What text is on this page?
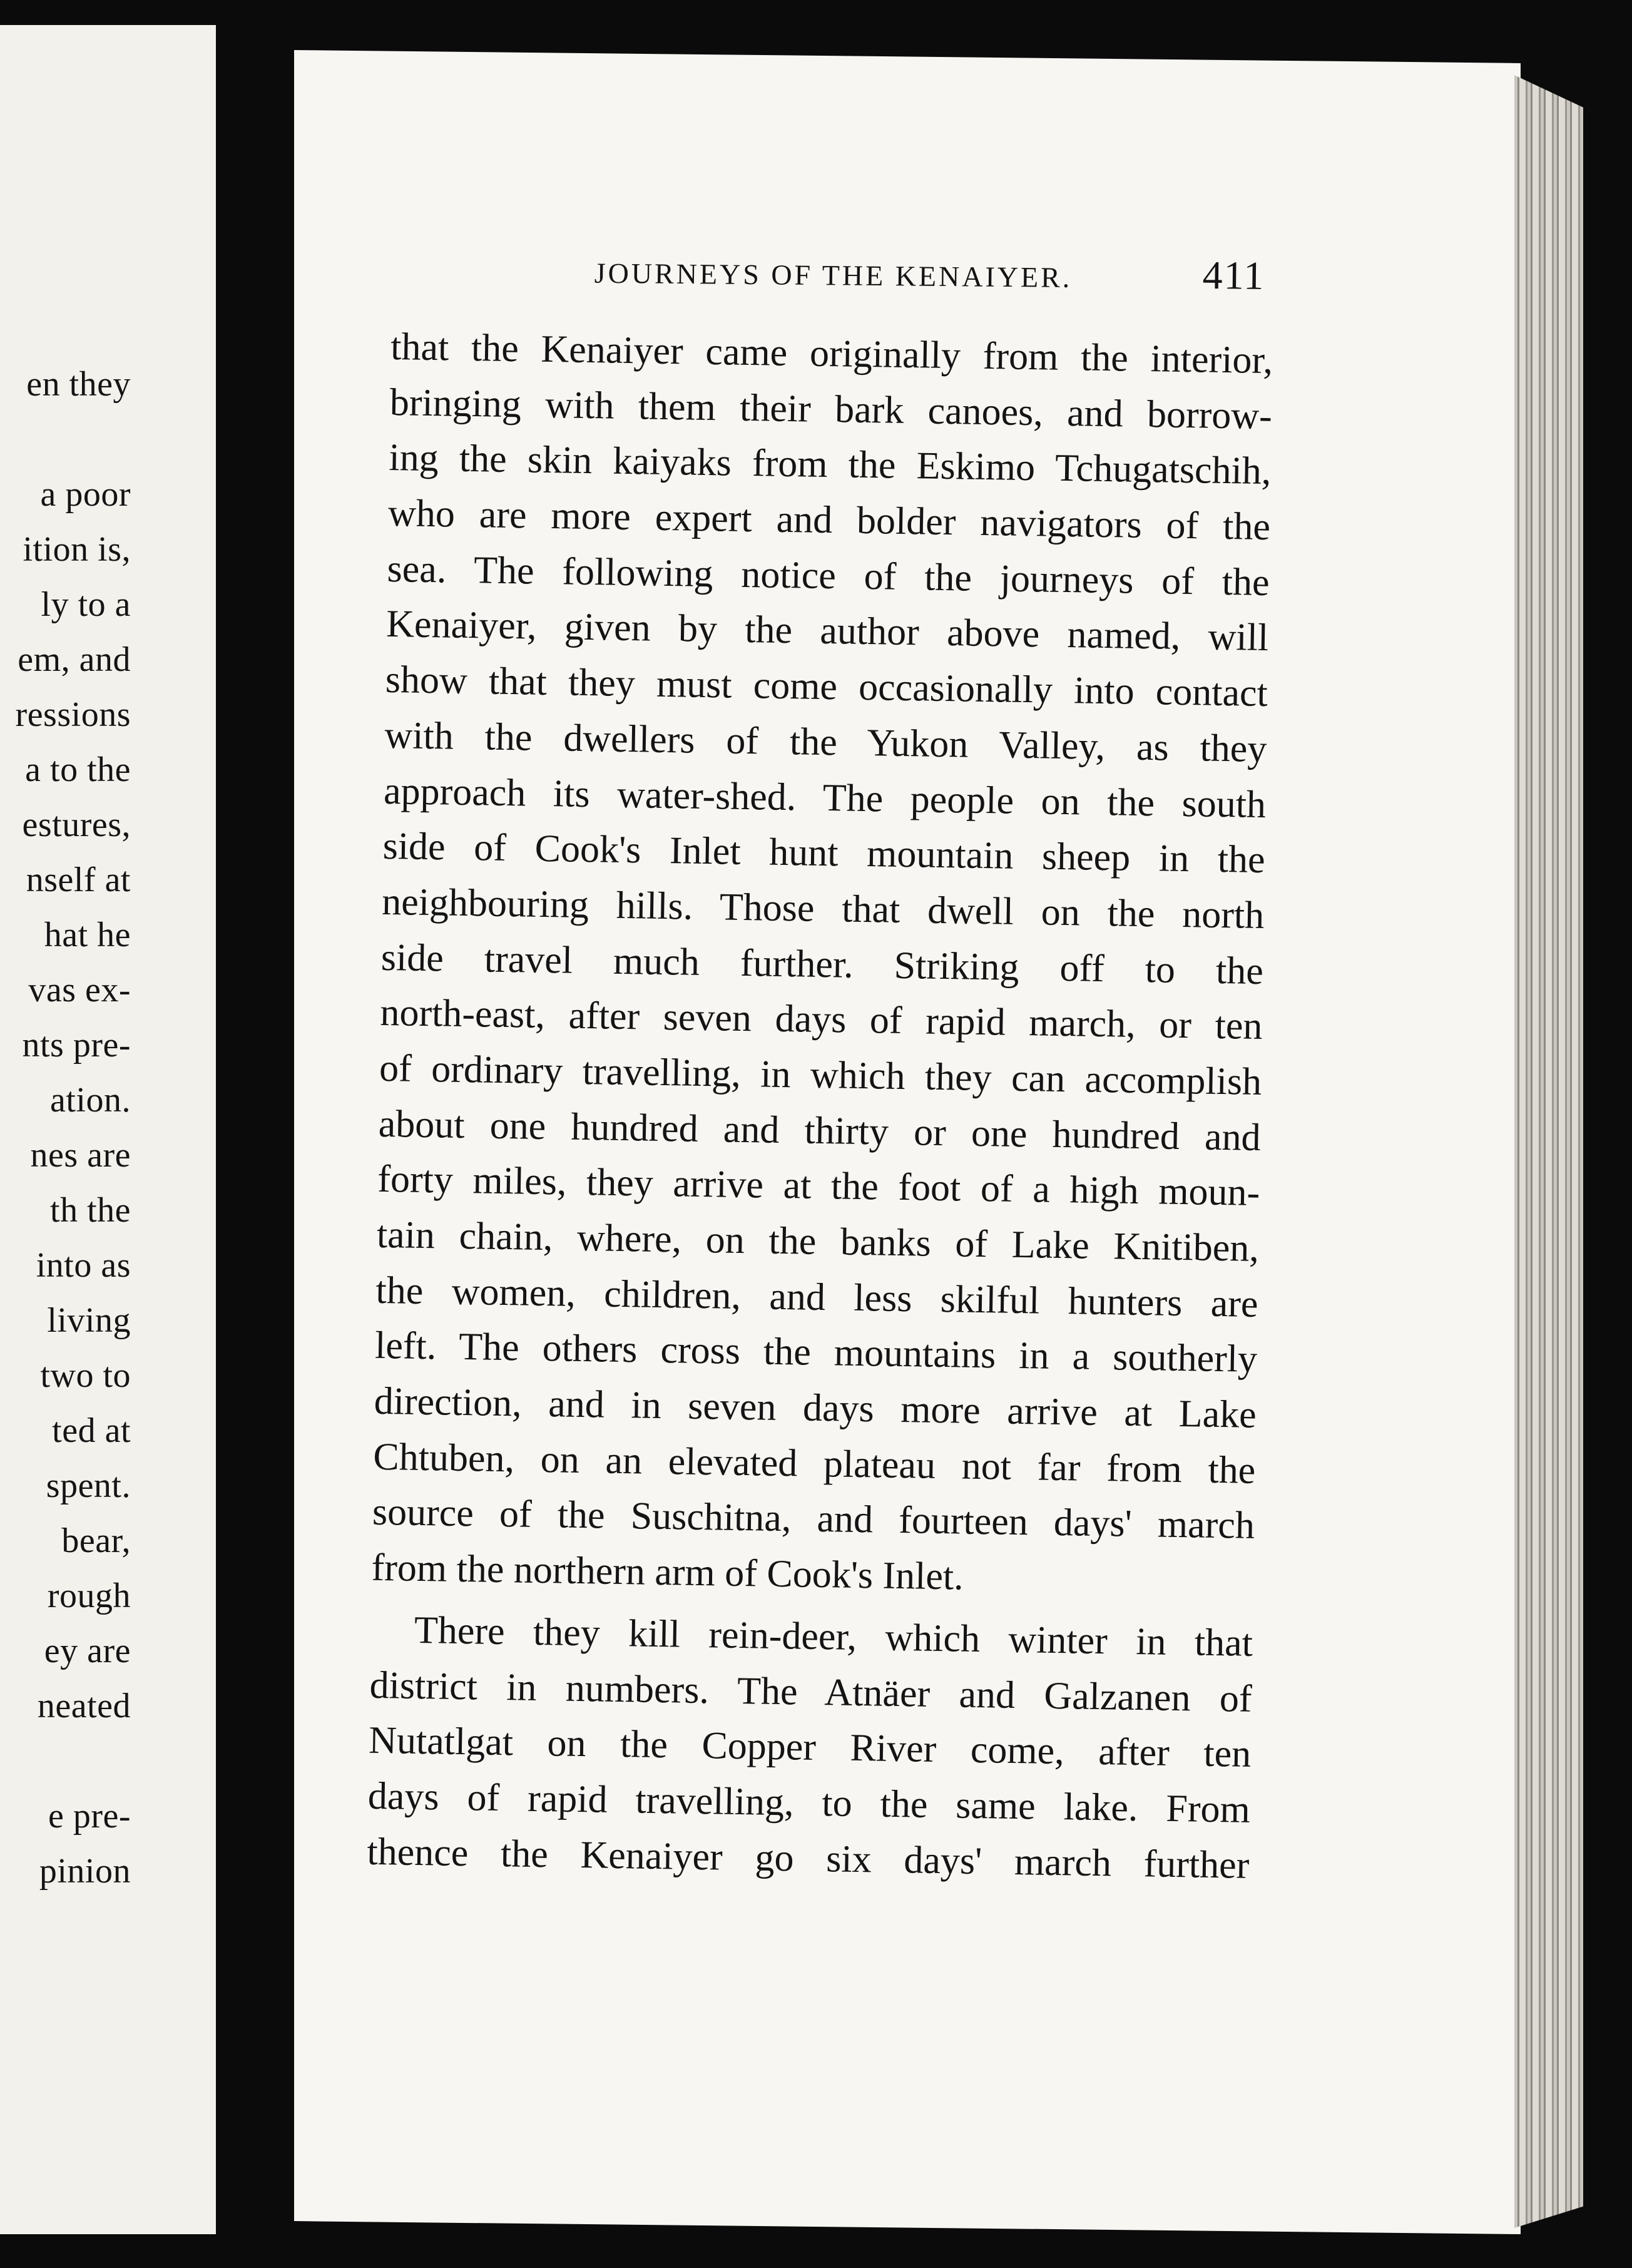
en they
a poor
ition is,
ly to a
em, and
ressions
a to the
estures,
nself at
hat he
vas ex-
nts pre-
ation.
nes are
th the
into as
living
two to
ted at
spent.
bear,
rough
ey are
neated
e pre-
pinion
JOURNEYS OF THE KENAIYER.	411
that the Kenaiyer came originally from the interior,
bringing with them their bark canoes, and borrow-
ing the skin kaiyaks from the Eskimo Tchugatschih,
who are more expert and bolder navigators of the
sea. The following notice of the journeys of the
Kenaiyer, given by the author above named, will
show that they must come occasionally into contact
with the dwellers of the Yukon Valley, as they
approach its water-shed. The people on the south
side of Cook's Inlet hunt mountain sheep in the
neighbouring hills. Those that dwell on the north
side travel much further. Striking off to the
north-east, after seven days of rapid march, or ten
of ordinary travelling, in which they can accomplish
about one hundred and thirty or one hundred and
forty miles, they arrive at the foot of a high moun-
tain chain, where, on the banks of Lake Knitiben,
the women, children, and less skilful hunters are
left. The others cross the mountains in a southerly
direction, and in seven days more arrive at Lake
Chtuben, on an elevated plateau not far from the
source of the Suschitna, and fourteen days' march
from the northern arm of Cook's Inlet.
There they kill rein-deer, which winter in that
district in numbers. The Atnäer and Galzanen of
Nutatlgat on the Copper River come, after ten
days of rapid travelling, to the same lake. From
thence the Kenaiyer go six days' march further
